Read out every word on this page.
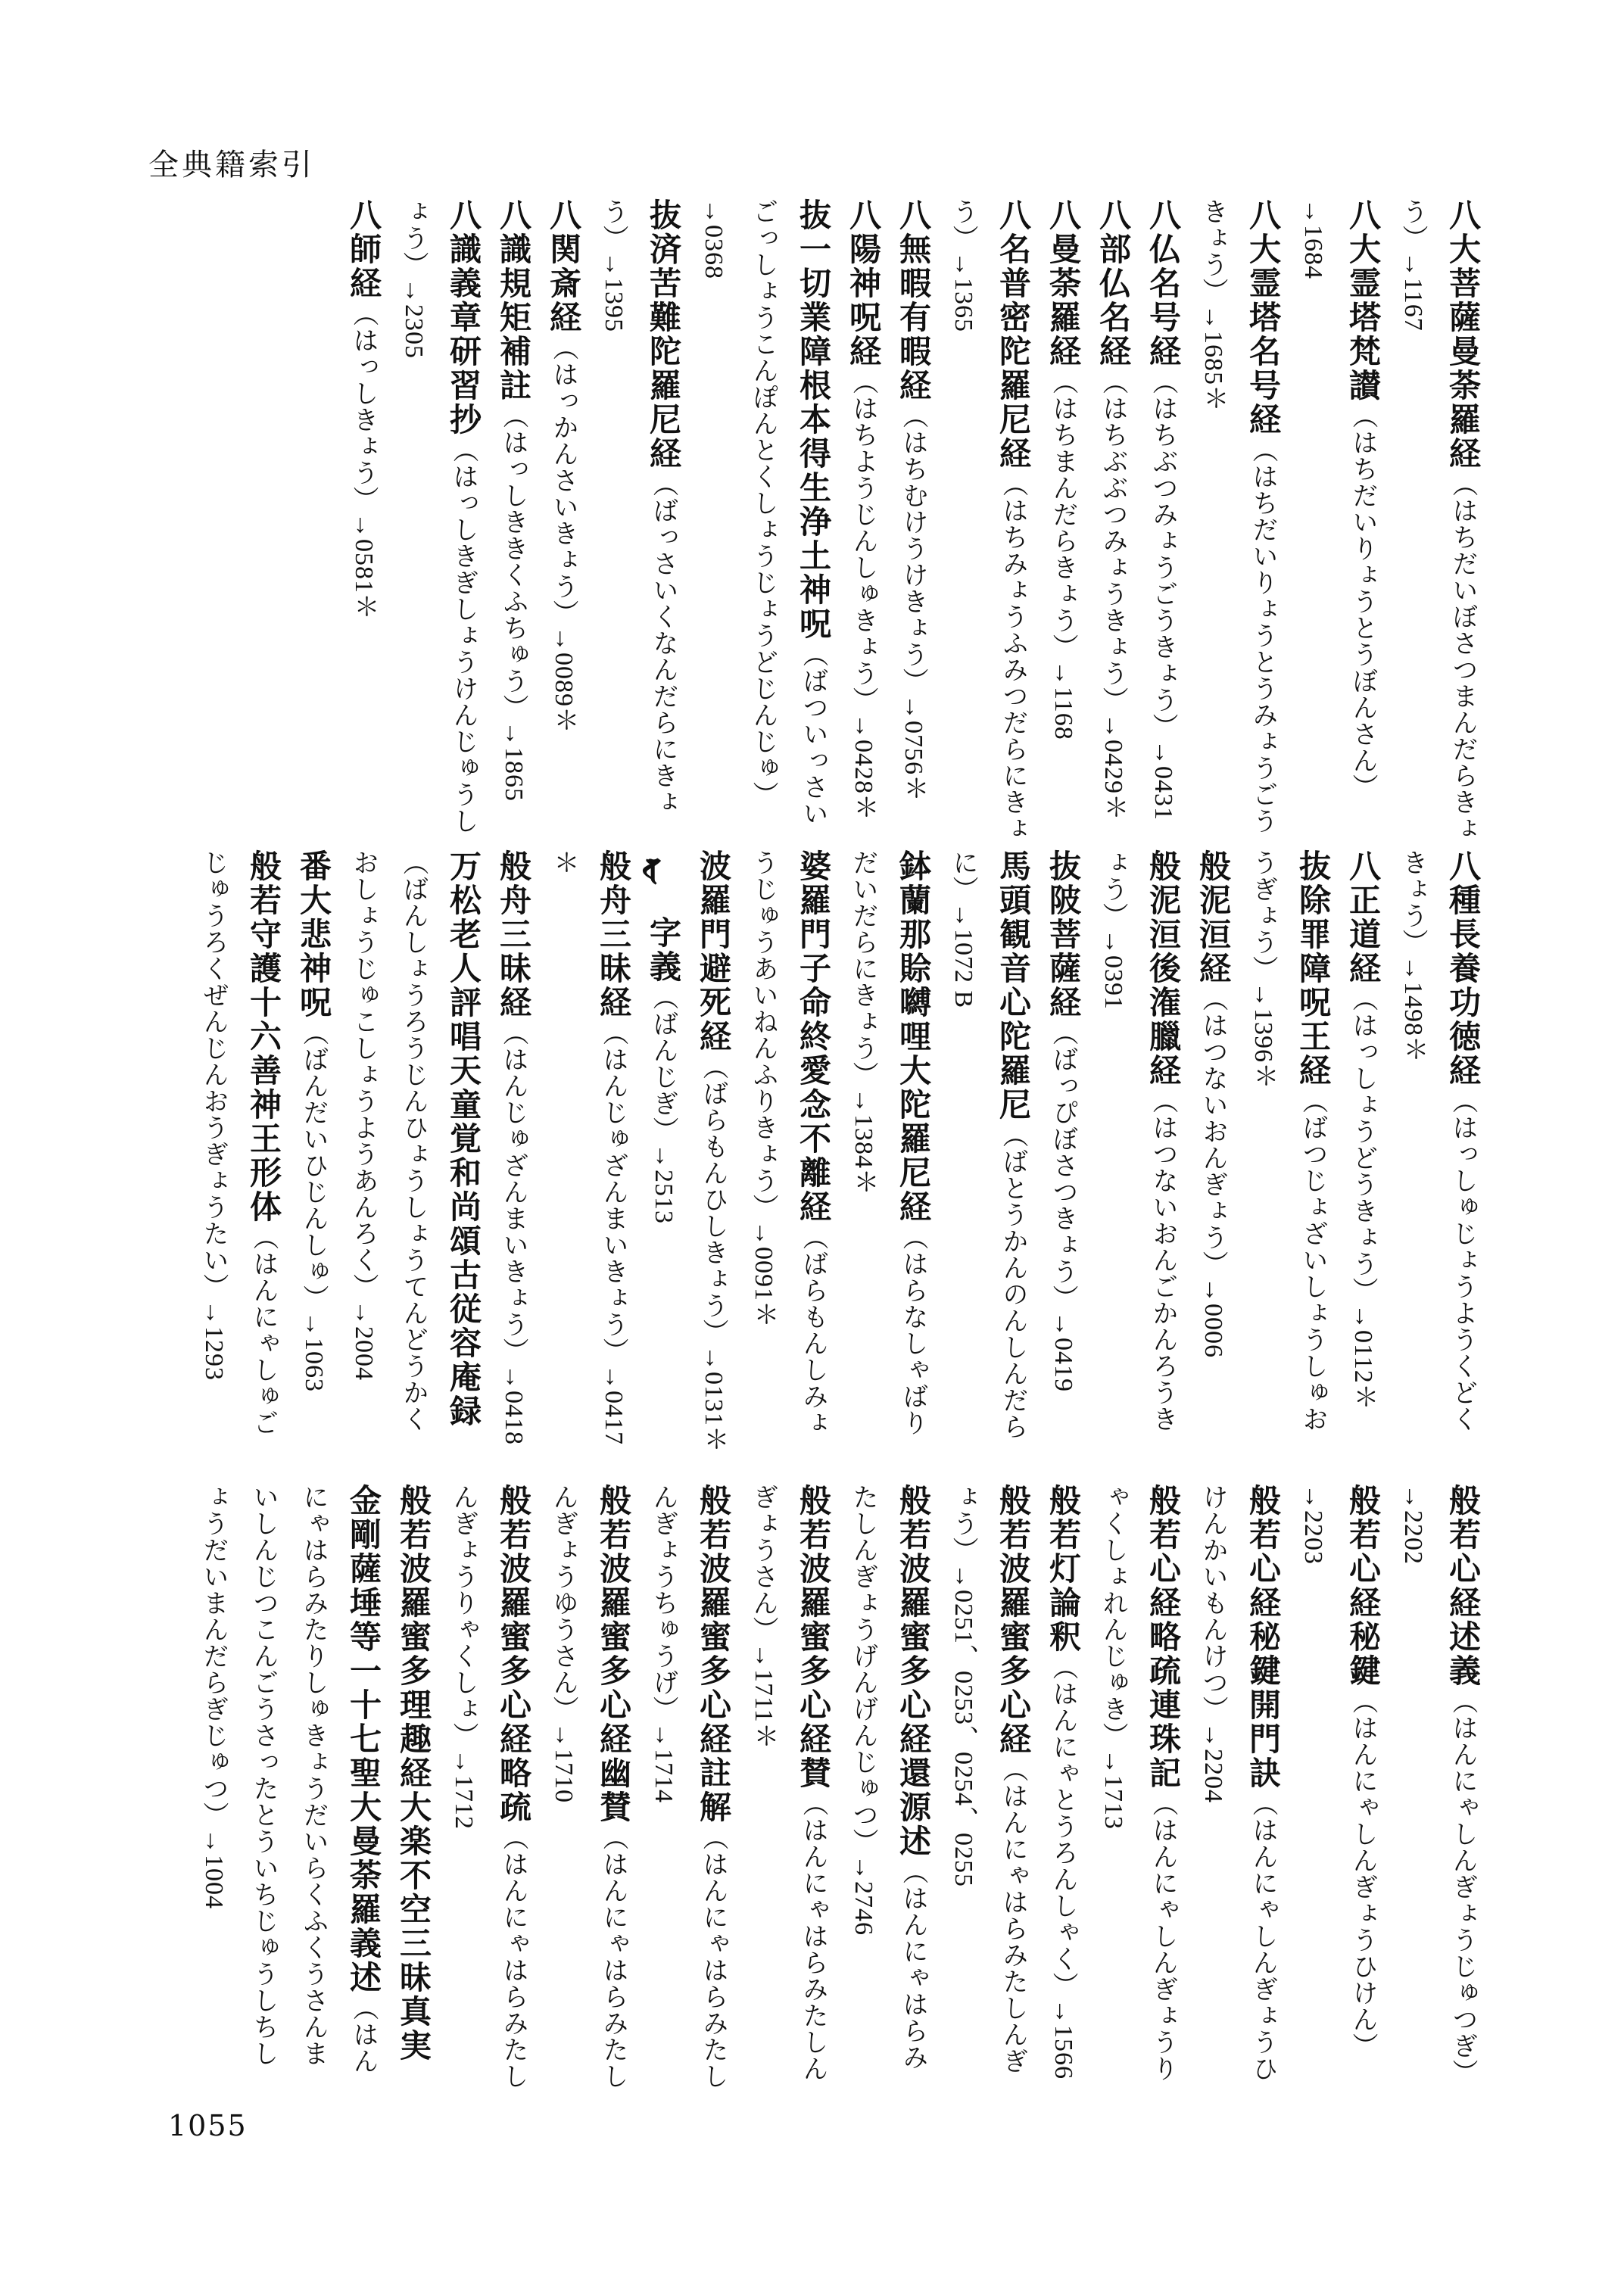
全典籍索引
八大菩薩曼荼羅経（はちだいぼさつまんだらきょう）→1167
八大霊塔梵讃（はちだいりょうとうぼんさん）→1684
八大霊塔名号経（はちだいりょうとうみょうごうきょう）→1685＊
八仏名号経（はちぶつみょうごうきょう）→0431
八部仏名経（はちぶぶつみょうきょう）→0429＊
八曼荼羅経（はちまんだらきょう）→1168
八名普密陀羅尼経（はちみょうふみつだらにきょう）→1365
八無暇有暇経（はちむけうけきょう）→0756＊
八陽神呪経（はちようじんしゅきょう）→0428＊
抜一切業障根本得生浄土神呪（ばついっさいごっしょうこんぽんとくしょうじょうどじんじゅ）→0368
抜済苦難陀羅尼経（ばっさいくなんだらにきょう）→1395
八関斎経（はっかんさいきょう）→0089＊
八識規矩補註（はっしききくふちゅう）→1865
八識義章研習抄（はっしきぎしょうけんじゅうしょう）→2305
八師経（はっしきょう）→0581＊
八種長養功徳経（はっしゅじょうようくどくきょう）→1498＊
八正道経（はっしょうどうきょう）→0112＊
抜除罪障呪王経（ばつじょざいしょうしゅおうぎょう）→1396＊
般泥洹経（はつないおんぎょう）→0006
般泥洹後潅臘経（はつないおんごかんろうきょう）→0391
抜陂菩薩経（ばっぴぼさつきょう）→0419
馬頭観音心陀羅尼（ばとうかんのんしんだらに）→1072 B
鉢蘭那賒嚩哩大陀羅尼経（はらなしゃばりだいだらにきょう）→1384＊
婆羅門子命終愛念不離経（ばらもんしみょうじゅうあいねんふりきょう）→0091＊
波羅門避死経（ばらもんひしきょう）→0131＊
𑖪字義（ばんじぎ）→2513
般舟三昧経（はんじゅざんまいきょう）→0417＊
般舟三昧経（はんじゅざんまいきょう）→0418
万松老人評唱天童覚和尚頌古従容庵録（ばんしょうろうじんひょうしょうてんどうかくおしょうじゅこしょうようあんろく）→2004
番大悲神呪（ばんだいひじんしゅ）→1063
般若守護十六善神王形体（はんにゃしゅごじゅうろくぜんじんおうぎょうたい）→1293
般若心経述義（はんにゃしんぎょうじゅつぎ）→2202
般若心経秘鍵（はんにゃしんぎょうひけん）→2203
般若心経秘鍵開門訣（はんにゃしんぎょうひけんかいもんけつ）→2204
般若心経略疏連珠記（はんにゃしんぎょうりゃくしょれんじゅき）→1713
般若灯論釈（はんにゃとうろんしゃく）→1566
般若波羅蜜多心経（はんにゃはらみたしんぎょう）→0251、0253、0254、0255
般若波羅蜜多心経還源述（はんにゃはらみたしんぎょうげんげんじゅつ）→2746
般若波羅蜜多心経賛（はんにゃはらみたしんぎょうさん）→1711＊
般若波羅蜜多心経註解（はんにゃはらみたしんぎょうちゅうげ）→1714
般若波羅蜜多心経幽賛（はんにゃはらみたしんぎょうゆうさん）→1710
般若波羅蜜多心経略疏（はんにゃはらみたしんぎょうりゃくしょ）→1712
般若波羅蜜多理趣経大楽不空三昧真実金剛薩埵等一十七聖大曼荼羅義述（はんにゃはらみたりしゅきょうだいらくふくうさんまいしんじつこんごうさったとういちじゅうしちしょうだいまんだらぎじゅつ）→1004
1055
